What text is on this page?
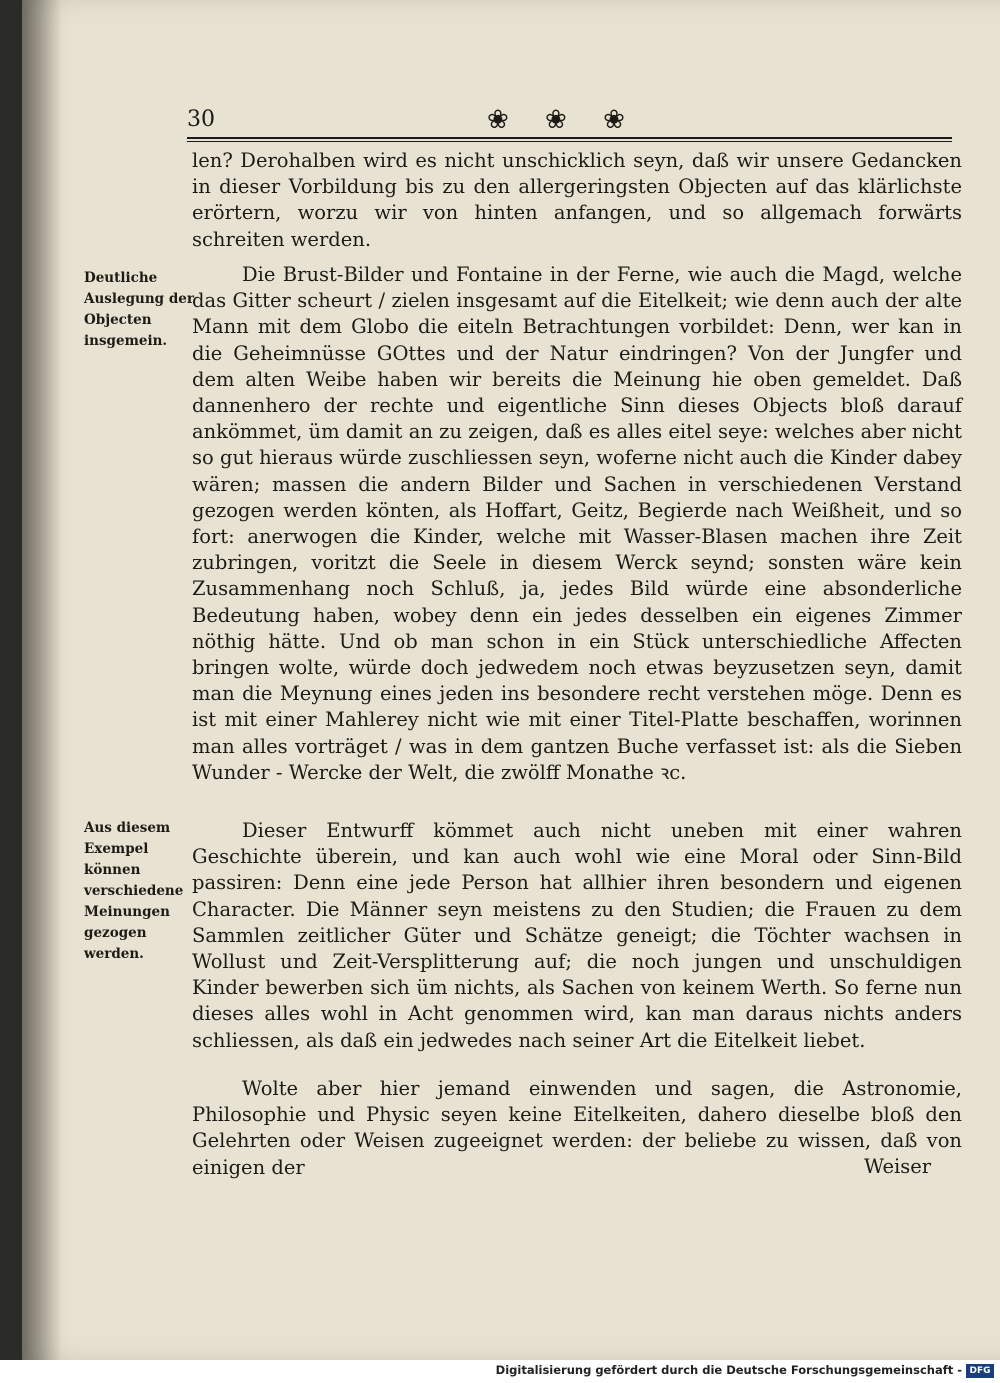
30	❀ ❀ ❀

len? Derohalben wird es nicht unschicklich seyn, daß wir unsere Gedancken in dieser Vorbildung bis zu den allergeringsten Objecten auf das klärlichste erörtern, worzu wir von hinten anfangen, und so allgemach forwärts schreiten werden.

Deutliche Auslegung der Objecten insgemein.

Die Brust-Bilder und Fontaine in der Ferne, wie auch die Magd, welche das Gitter scheurt / zielen insgesamt auf die Eitelkeit; wie denn auch der alte Mann mit dem Globo die eiteln Betrachtungen vorbildet: Denn, wer kan in die Geheimnüsse GOttes und der Natur eindringen? Von der Jungfer und dem alten Weibe haben wir bereits die Meinung hie oben gemeldet. Daß dannenhero der rechte und eigentliche Sinn dieses Objects bloß darauf ankömmet, üm damit an zu zeigen, daß es alles eitel seye: welches aber nicht so gut hieraus würde zuschliessen seyn, woferne nicht auch die Kinder dabey wären; massen die andern Bilder und Sachen in verschiedenen Verstand gezogen werden könten, als Hoffart, Geitz, Begierde nach Weißheit, und so fort: anerwogen die Kinder, welche mit Wasser-Blasen machen ihre Zeit zubringen, voritzt die Seele in diesem Werck seynd; sonsten wäre kein Zusammenhang noch Schluß, ja, jedes Bild würde eine absonderliche Bedeutung haben, wobey denn ein jedes desselben ein eigenes Zimmer nöthig hätte. Und ob man schon in ein Stück unterschiedliche Affecten bringen wolte, würde doch jedwedem noch etwas beyzusetzen seyn, damit man die Meynung eines jeden ins besondere recht verstehen möge. Denn es ist mit einer Mahlerey nicht wie mit einer Titel-Platte beschaffen, worinnen man alles vorträget / was in dem gantzen Buche verfasset ist: als die Sieben Wunder - Wercke der Welt, die zwölff Monathe ꝛc.

Aus diesem Exempel können verschiedene Meinungen gezogen werden.

Dieser Entwurff kömmet auch nicht uneben mit einer wahren Geschichte überein, und kan auch wohl wie eine Moral oder Sinn-Bild passiren: Denn eine jede Person hat allhier ihren besondern und eigenen Character. Die Männer seyn meistens zu den Studien; die Frauen zu dem Sammlen zeitlicher Güter und Schätze geneigt; die Töchter wachsen in Wollust und Zeit-Versplitterung auf; die noch jungen und unschuldigen Kinder bewerben sich üm nichts, als Sachen von keinem Werth. So ferne nun dieses alles wohl in Acht genommen wird, kan man daraus nichts anders schliessen, als daß ein jedwedes nach seiner Art die Eitelkeit liebet.

Wolte aber hier jemand einwenden und sagen, die Astronomie, Philosophie und Physic seyen keine Eitelkeiten, dahero dieselbe bloß den Gelehrten oder Weisen zugeeignet werden: der beliebe zu wissen, daß von einigen der	Weiser
Digitalisierung gefördert durch die Deutsche Forschungsgemeinschaft - DFG
